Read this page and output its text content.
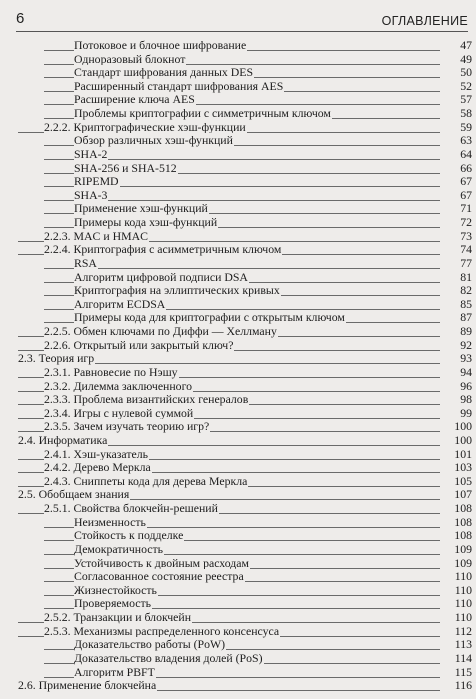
6	ОГЛАВЛЕНИЕ
Потоковое и блочное шифрование	47
Одноразовый блокнот	49
Стандарт шифрования данных DES	50
Расширенный стандарт шифрования AES	52
Расширение ключа AES	57
Проблемы криптографии с симметричным ключом	58
2.2.2. Криптографические хэш-функции	59
Обзор различных хэш-функций	63
SHA-2	64
SHA-256 и SHA-512	66
RIPEMD	67
SHA-3	67
Применение хэш-функций	71
Примеры кода хэш-функций	72
2.2.3. MAC и HMAC	73
2.2.4. Криптография с асимметричным ключом	74
RSA	77
Алгоритм цифровой подписи DSA	81
Криптография на эллиптических кривых	82
Алгоритм ECDSA	85
Примеры кода для криптографии с открытым ключом	87
2.2.5. Обмен ключами по Диффи — Хеллману	89
2.2.6. Открытый или закрытый ключ?	92
2.3. Теория игр	93
2.3.1. Равновесие по Нэшу	94
2.3.2. Дилемма заключенного	96
2.3.3. Проблема византийских генералов	98
2.3.4. Игры с нулевой суммой	99
2.3.5. Зачем изучать теорию игр?	100
2.4. Информатика	100
2.4.1. Хэш-указатель	101
2.4.2. Дерево Меркла	103
2.4.3. Сниппеты кода для дерева Меркла	105
2.5. Обобщаем знания	107
2.5.1. Свойства блокчейн-решений	108
Неизменность	108
Стойкость к подделке	108
Демократичность	109
Устойчивость к двойным расходам	109
Согласованное состояние реестра	110
Жизнестойкость	110
Проверяемость	110
2.5.2. Транзакции и блокчейн	110
2.5.3. Механизмы распределенного консенсуса	112
Доказательство работы (PoW)	113
Доказательство владения долей (PoS)	114
Алгоритм PBFT	115
2.6. Применение блокчейна	116
